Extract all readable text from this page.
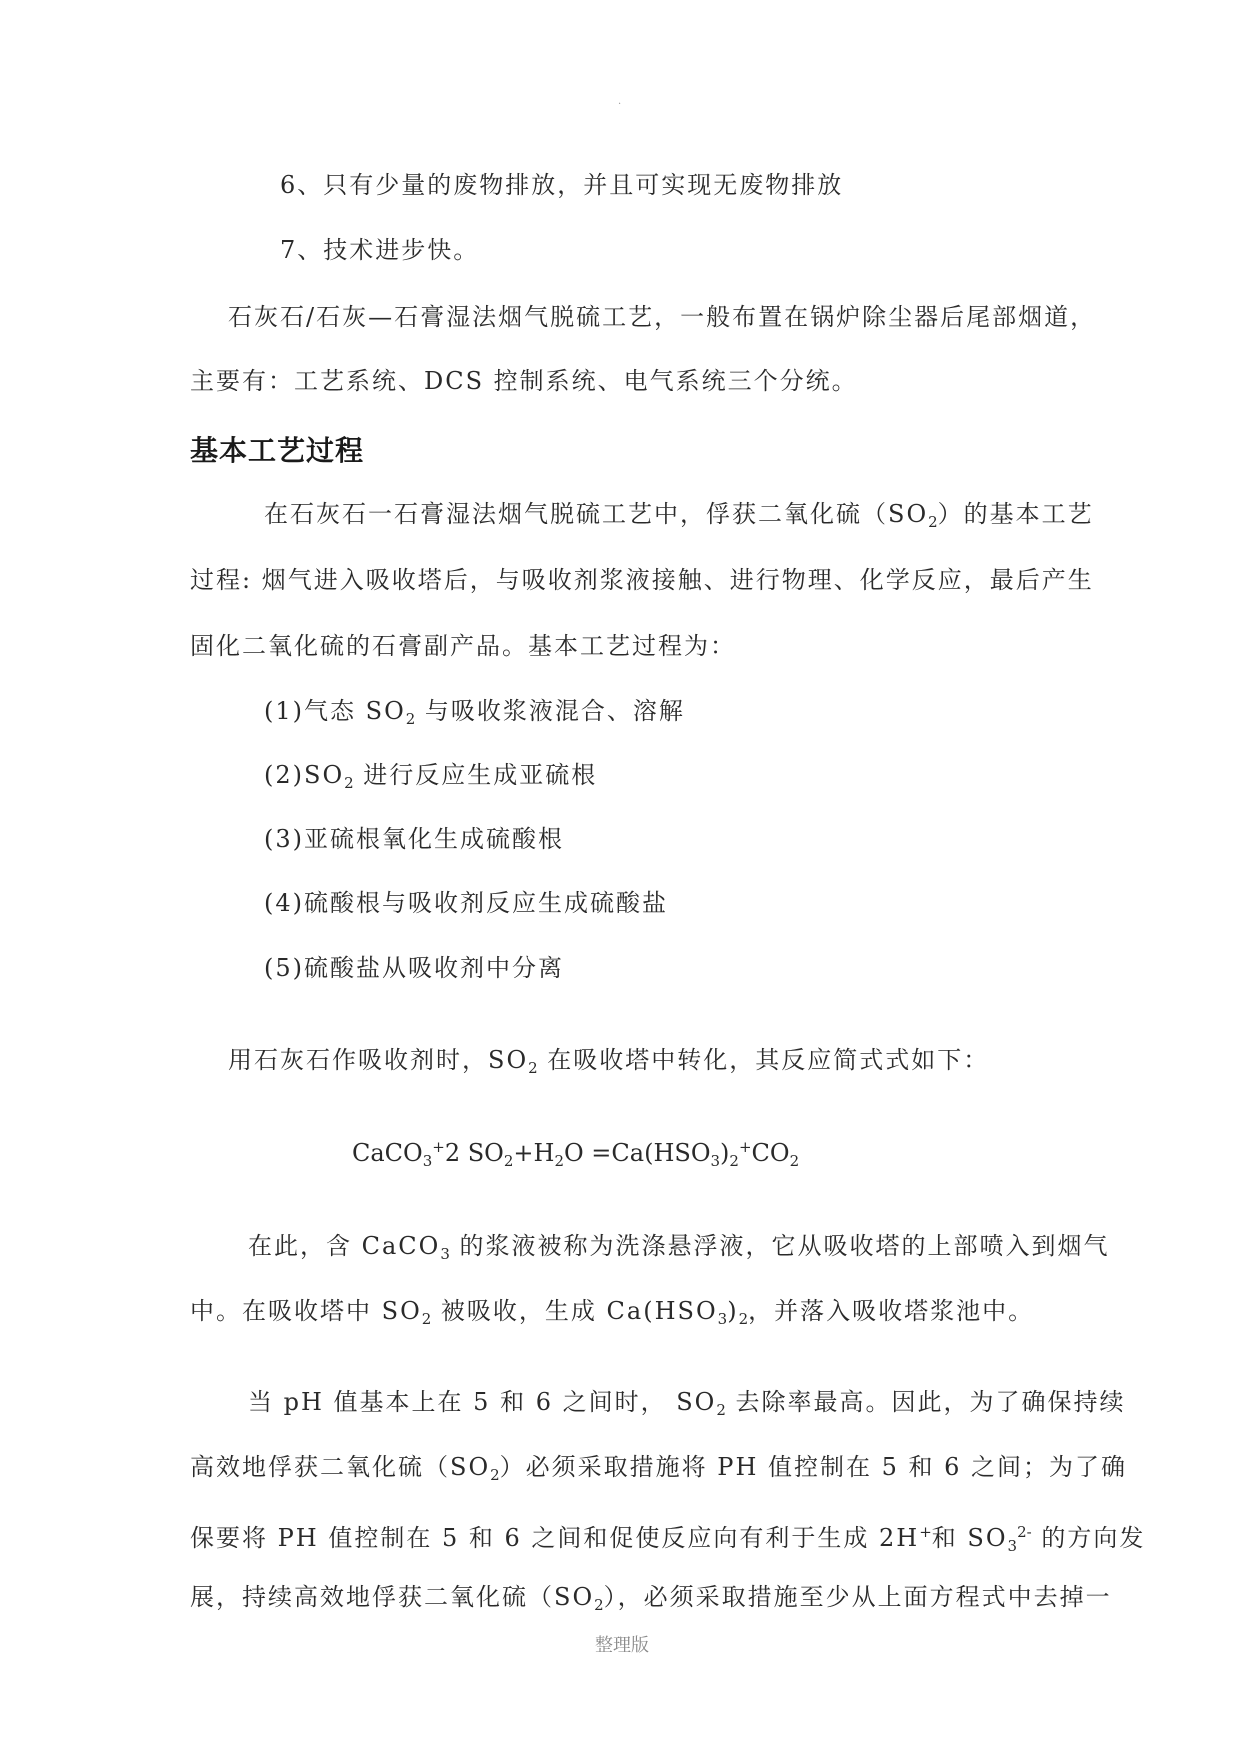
.
6、只有少量的废物排放，并且可实现无废物排放
7、技术进步快。
石灰石/石灰—石膏湿法烟气脱硫工艺，一般布置在锅炉除尘器后尾部烟道，
主要有：工艺系统、DCS 控制系统、电气系统三个分统。
基本工艺过程
在石灰石一石膏湿法烟气脱硫工艺中，俘获二氧化硫$(SO_2)$的基本工艺
过程: 烟气进入吸收塔后，与吸收剂浆液接触、进行物理、化学反应，最后产生
固化二氧化硫的石膏副产品。基本工艺过程为：
(1)气态 $SO_2$ 与吸收浆液混合、溶解
$(2)SO_2$ 进行反应生成亚硫根
(3)亚硫根氧化生成硫酸根
(4)硫酸根与吸收剂反应生成硫酸盐
(5)硫酸盐从吸收剂中分离
用石灰石作吸收剂时，$SO_2$ 在吸收塔中转化，其反应简式式如下：
CaCO$_3$+2 $SO_2+H_2O =Ca(HSO_3)_2^+CO_2$
在此，含 CaCO$_3$ 的浆液被称为洗涤悬浮液，它从吸收塔的上部喷入到烟气
中。在吸收塔中 $SO_2$ 被吸收，生成 $Ca(HSO_3)_2$，并落入吸收塔浆池中。
当 pH 值基本上在 5 和 6 之间时， $SO_2$ 去除率最高。因此，为了确保持续
高效地俘获二氧化硫$(SO_2)$必须采取措施将 PH 值控制在 5 和 6 之间；为了确
保要将 PH 值控制在 5 和 6 之间和促使反应向有利于生成 2H+和 $SO_3^{2-}$ 的方向发
展，持续高效地俘获二氧化硫$(SO_2)$，必须采取措施至少从上面方程式中去掉一
整理版
